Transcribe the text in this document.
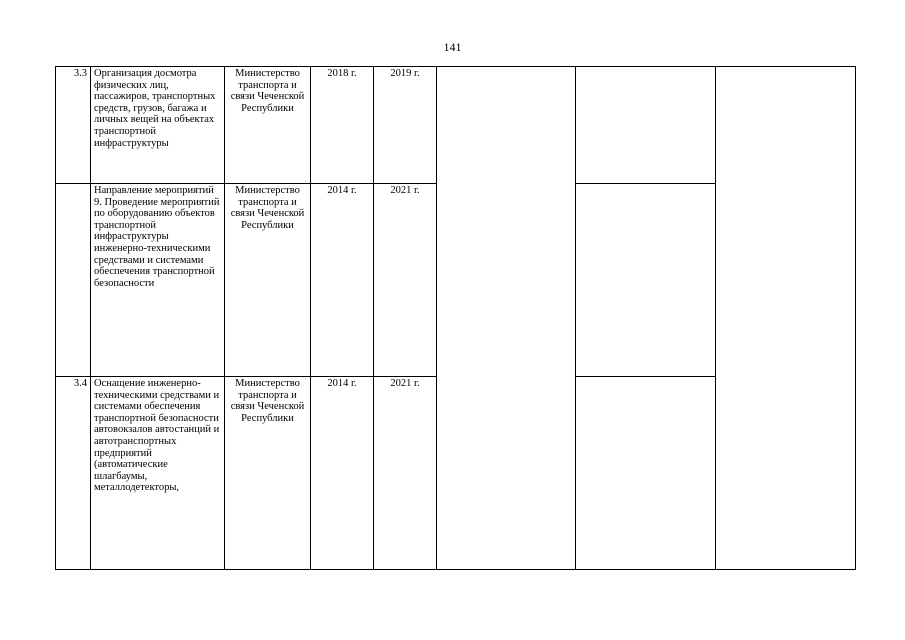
141
3.3	Организация досмотра физических лиц, пассажиров, транспортных средств, грузов, багажа и личных вещей на объектах транспортной инфраструктуры	Министерство транспорта и связи Чеченской Республики	2018 г.	2019 г.			
	Направление мероприятий 9. Проведение мероприятий по оборудованию объектов транспортной инфраструктуры инженерно-техническими средствами и системами обеспечения транспортной безопасности	Министерство транспорта и связи Чеченской Республики	2014 г.	2021 г.			
3.4	Оснащение инженерно-техническими средствами и системами обеспечения транспортной безопасности автовокзалов автостанций и автотранспортных предприятий (автоматические шлагбаумы, металлодетекторы,	Министерство транспорта и связи Чеченской Республики	2014 г.	2021 г.			
